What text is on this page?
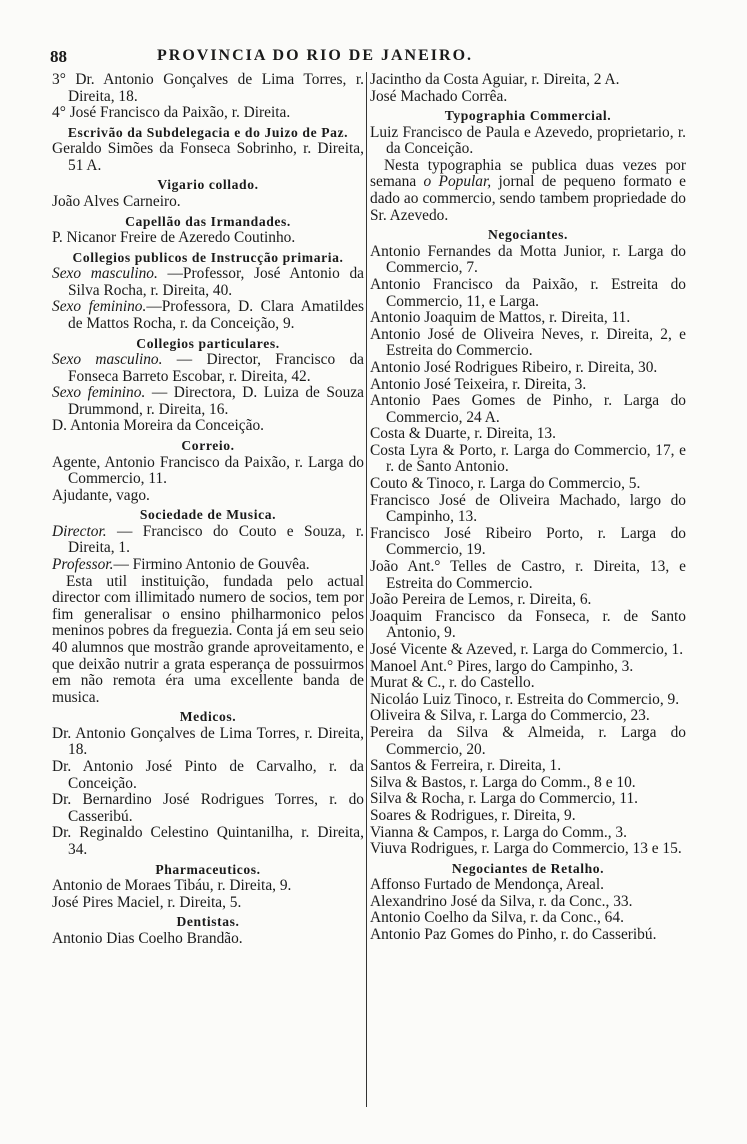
88	PROVINCIA DO RIO DE JANEIRO.

3° Dr. Antonio Gonçalves de Lima Torres, r. Direita, 18.

4° José Francisco da Paixão, r. Direita.

Escrivão da Subdelegacia e do Juizo de Paz.

Geraldo Simões da Fonseca Sobrinho, r. Direita, 51 A.

Vigario collado.

João Alves Carneiro.

Capellão das Irmandades.

P. Nicanor Freire de Azeredo Coutinho.

Collegios publicos de Instrucção primaria.

Sexo masculino. —Professor, José Antonio da Silva Rocha, r. Direita, 40.

Sexo feminino.—Professora, D. Clara Amatildes de Mattos Rocha, r. da Conceição, 9.

Collegios particulares.

Sexo masculino. — Director, Francisco da Fonseca Barreto Escobar, r. Direita, 42.

Sexo feminino. — Directora, D. Luiza de Souza Drummond, r. Direita, 16.

D. Antonia Moreira da Conceição.

Correio.

Agente, Antonio Francisco da Paixão, r. Larga do Commercio, 11.

Ajudante, vago.

Sociedade de Musica.

Director. — Francisco do Couto e Souza, r. Direita, 1.

Professor.— Firmino Antonio de Gouvêa.

Esta util instituição, fundada pelo actual director com illimitado numero de socios, tem por fim generalisar o ensino philharmonico pelos meninos pobres da freguezia. Conta já em seu seio 40 alumnos que mostrão grande aproveitamento, e que deixão nutrir a grata esperança de possuirmos em não remota éra uma excellente banda de musica.

Medicos.

Dr. Antonio Gonçalves de Lima Torres, r. Direita, 18.

Dr. Antonio José Pinto de Carvalho, r. da Conceição.

Dr. Bernardino José Rodrigues Torres, r. do Casseribú.

Dr. Reginaldo Celestino Quintanilha, r. Direita, 34.

Pharmaceuticos.

Antonio de Moraes Tibáu, r. Direita, 9.

José Pires Maciel, r. Direita, 5.

Dentistas.

Antonio Dias Coelho Brandão.

Jacintho da Costa Aguiar, r. Direita, 2 A.

José Machado Corrêa.

Typographia Commercial.

Luiz Francisco de Paula e Azevedo, proprietario, r. da Conceição.

Nesta typographia se publica duas vezes por semana o Popular, jornal de pequeno formato e dado ao commercio, sendo tambem propriedade do Sr. Azevedo.

Negociantes.

Antonio Fernandes da Motta Junior, r. Larga do Commercio, 7.

Antonio Francisco da Paixão, r. Estreita do Commercio, 11, e Larga.

Antonio Joaquim de Mattos, r. Direita, 11.

Antonio José de Oliveira Neves, r. Direita, 2, e Estreita do Commercio.

Antonio José Rodrigues Ribeiro, r. Direita, 30.

Antonio José Teixeira, r. Direita, 3.

Antonio Paes Gomes de Pinho, r. Larga do Commercio, 24 A.

Costa & Duarte, r. Direita, 13.

Costa Lyra & Porto, r. Larga do Commercio, 17, e r. de Santo Antonio.

Couto & Tinoco, r. Larga do Commercio, 5.

Francisco José de Oliveira Machado, largo do Campinho, 13.

Francisco José Ribeiro Porto, r. Larga do Commercio, 19.

João Ant.° Telles de Castro, r. Direita, 13, e Estreita do Commercio.

João Pereira de Lemos, r. Direita, 6.

Joaquim Francisco da Fonseca, r. de Santo Antonio, 9.

José Vicente & Azeved, r. Larga do Commercio, 1.

Manoel Ant.° Pires, largo do Campinho, 3.

Murat & C., r. do Castello.

Nicoláo Luiz Tinoco, r. Estreita do Commercio, 9.

Oliveira & Silva, r. Larga do Commercio, 23.

Pereira da Silva & Almeida, r. Larga do Commercio, 20.

Santos & Ferreira, r. Direita, 1.

Silva & Bastos, r. Larga do Comm., 8 e 10.

Silva & Rocha, r. Larga do Commercio, 11.

Soares & Rodrigues, r. Direita, 9.

Vianna & Campos, r. Larga do Comm., 3.

Viuva Rodrigues, r. Larga do Commercio, 13 e 15.

Negociantes de Retalho.

Affonso Furtado de Mendonça, Areal.

Alexandrino José da Silva, r. da Conc., 33.

Antonio Coelho da Silva, r. da Conc., 64.

Antonio Paz Gomes do Pinho, r. do Casseribú.
